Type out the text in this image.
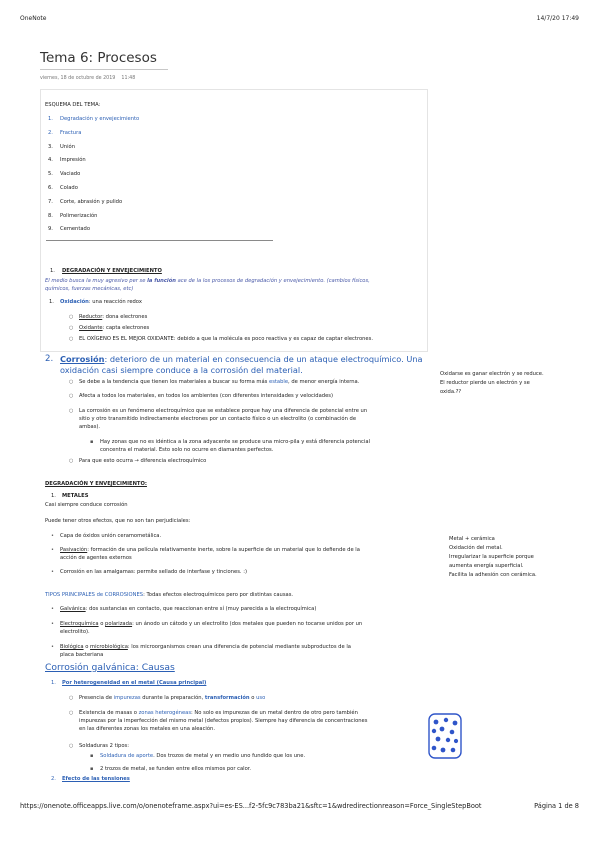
OneNote	14/7/20 17:49
https://onenote.officeapps.live.com/o/onenoteframe.aspx?ui=es-ES...f2-5fc9c783ba21&sftc=1&wdredirectionreason=Force_SingleStepBoot	Página 1 de 8
Tema 6: Procesos
viernes, 18 de octubre de 2019 11:48
ESQUEMA DEL TEMA:
1. Degradación y envejecimiento
2. Fractura
3. Unión
4. Impresión
5. Vaciado
6. Colado
7. Corte, abrasión y pulido
8. Polimerización
9. Cementado
1. DEGRADACIÓN Y ENVEJECIMIENTO
El medio busca la muy agresivo per se la función ace de la los procesos de degradación y envejecimiento. (cambios físicos,
químicos, fuerzas mecánicas, etc)
1. Oxidación: una reacción redox
○ Reductor: dona electrones
○ Oxidante: capta electrones
○ EL OXÍGENO ES EL MEJOR OXIDANTE: debido a que la molécula es poco reactiva y es capaz de captar electrones.
2. Corrosión: deterioro de un material en consecuencia de un ataque electroquímico. Una
oxidación casi siempre conduce a la corrosión del material.
○ Se debe a la tendencia que tienen los materiales a buscar su forma más estable, de menor energía interna.
○ Afecta a todos los materiales, en todos los ambientes (con diferentes intensidades y velocidades)
○ La corrosión es un fenómeno electroquímico que se establece porque hay una diferencia de potencial entre un
sitio y otro transmitido indirectamente electrones por un contacto físico o un electrolito (o combinación de
ambas).
▪ Hay zonas que no es idéntica a la zona adyacente se produce una micro-pila y está diferencia potencial
concentra el material. Esto solo no ocurre en diamantes perfectos.
○ Para que esto ocurra → diferencia electroquímico
Oxidarse es ganar electrón y se reduce.
El reductor pierde un electrón y se
oxida.??
DEGRADACIÓN Y ENVEJECIMIENTO:
1. METALES
Casi siempre conduce corrosión
Puede tener otros efectos, que no son tan perjudiciales:
• Capa de óxidos unión ceramometálica.
• Pasivación: formación de una película relativamente inerte, sobre la superficie de un material que lo defiende de la
acción de agentes externos
• Corrosión en las amalgamas: permite sellado de interfase y tinciones. :)
TIPOS PRINCIPALES de CORROSIONES: Todas efectos electroquímicos pero por distintas causas.
• Galvánica: dos sustancias en contacto, que reaccionan entre sí (muy parecida a la electroquímica)
• Electroquímica o polarizada: un ánodo un cátodo y un electrolito (dos metales que pueden no tocarse unidos por un
electrolito).
• Biológica o microbiológica: los microorganismos crean una diferencia de potencial mediante subproductos de la
placa bacteriana
Metal + cerámica
Oxidación del metal.
Irregularizar la superficie porque
aumenta energía superficial.
Facilita la adhesión con cerámica.
Corrosión galvánica: Causas
1. Por heterogeneidad en el metal (Causa principal)
○ Presencia de impurezas durante la preparación, transformación o uso
○ Existencia de masas o zonas heterogéneas: No solo es impurezas de un metal dentro de otro pero también
impurezas por la imperfección del mismo metal (defectos propios). Siempre hay diferencia de concentraciones
en las diferentes zonas los metales en una aleación.
○ Soldaduras 2 tipos:
▪ Soldadura de aporte. Dos trozos de metal y en medio uno fundido que los une.
▪ 2 trozos de metal, se funden entre ellos mismos por calor.
2. Efecto de las tensiones
